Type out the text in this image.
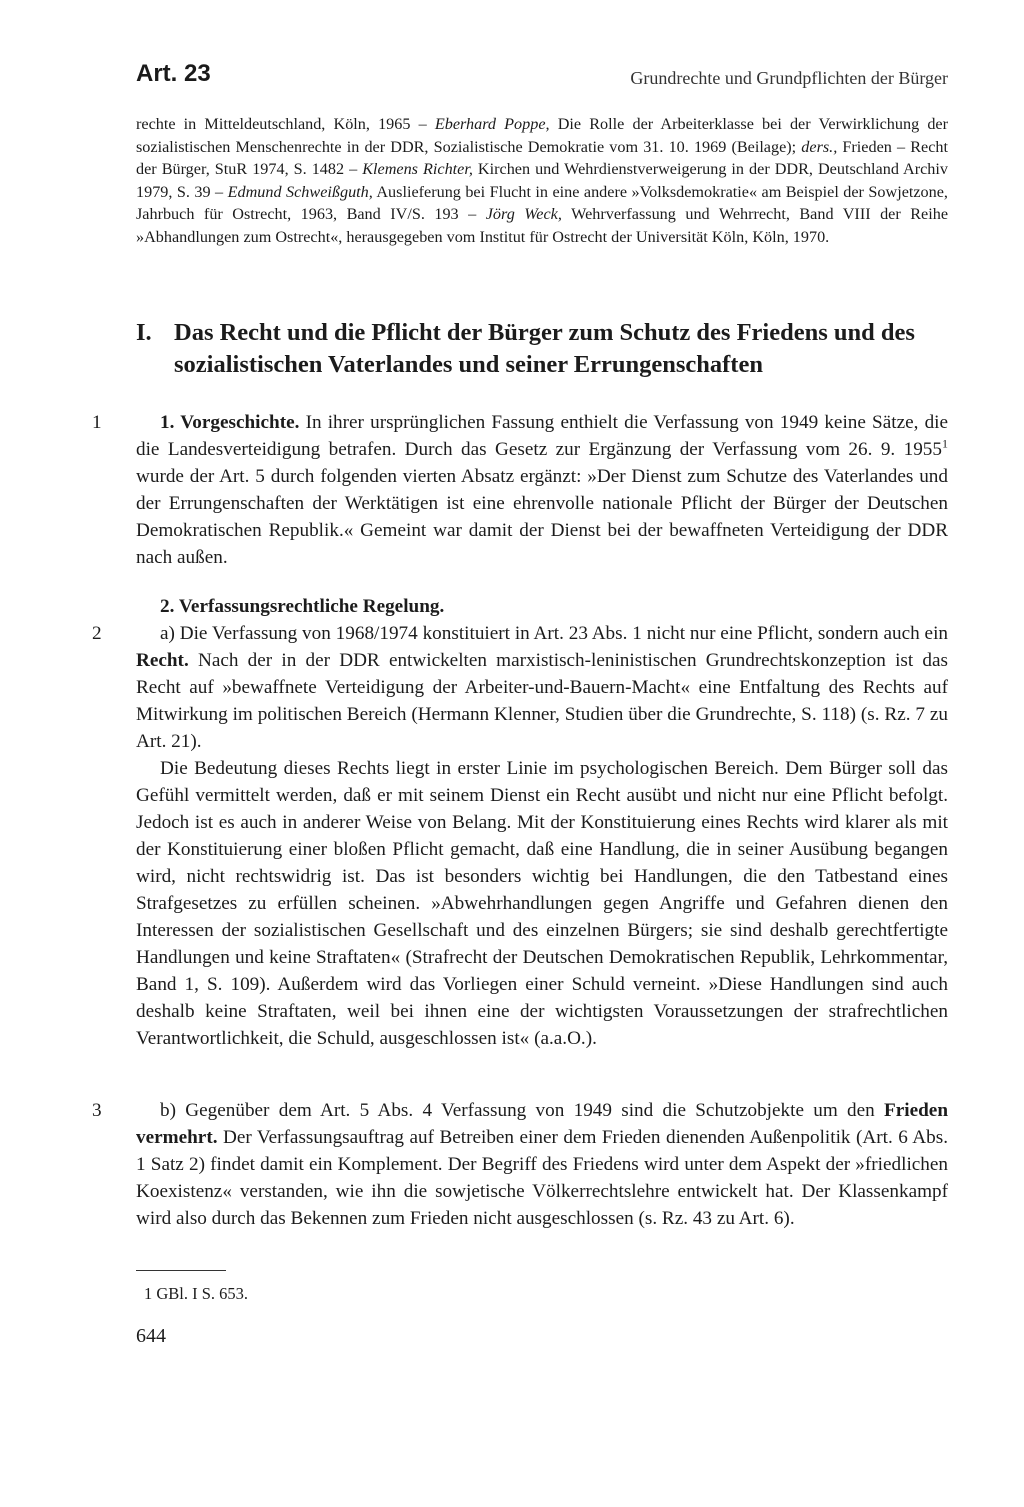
Art. 23	Grundrechte und Grundpflichten der Bürger
rechte in Mitteldeutschland, Köln, 1965 – Eberhard Poppe, Die Rolle der Arbeiterklasse bei der Verwirklichung der sozialistischen Menschenrechte in der DDR, Sozialistische Demokratie vom 31. 10. 1969 (Beilage); ders., Frieden – Recht der Bürger, StuR 1974, S. 1482 – Klemens Richter, Kirchen und Wehrdienstverweigerung in der DDR, Deutschland Archiv 1979, S. 39 – Edmund Schweißguth, Auslieferung bei Flucht in eine andere »Volksdemokratie« am Beispiel der Sowjetzone, Jahrbuch für Ostrecht, 1963, Band IV/S. 193 – Jörg Weck, Wehrverfassung und Wehrrecht, Band VIII der Reihe »Abhandlungen zum Ostrecht«, herausgegeben vom Institut für Ostrecht der Universität Köln, Köln, 1970.
I. Das Recht und die Pflicht der Bürger zum Schutz des Friedens und des sozialistischen Vaterlandes und seiner Errungenschaften
1	1. Vorgeschichte. In ihrer ursprünglichen Fassung enthielt die Verfassung von 1949 keine Sätze, die die Landesverteidigung betrafen. Durch das Gesetz zur Ergänzung der Verfassung vom 26. 9. 1955$^1$ wurde der Art. 5 durch folgenden vierten Absatz ergänzt: »Der Dienst zum Schutze des Vaterlandes und der Errungenschaften der Werktätigen ist eine ehrenvolle nationale Pflicht der Bürger der Deutschen Demokratischen Republik.« Gemeint war damit der Dienst bei der bewaffneten Verteidigung der DDR nach außen.

2. Verfassungsrechtliche Regelung.

2	a) Die Verfassung von 1968/1974 konstituiert in Art. 23 Abs. 1 nicht nur eine Pflicht, sondern auch ein Recht. Nach der in der DDR entwickelten marxistisch-leninistischen Grundrechtskonzeption ist das Recht auf »bewaffnete Verteidigung der Arbeiter-und-Bauern-Macht« eine Entfaltung des Rechts auf Mitwirkung im politischen Bereich (Hermann Klenner, Studien über die Grundrechte, S. 118) (s. Rz. 7 zu Art. 21).

Die Bedeutung dieses Rechts liegt in erster Linie im psychologischen Bereich. Dem Bürger soll das Gefühl vermittelt werden, daß er mit seinem Dienst ein Recht ausübt und nicht nur eine Pflicht befolgt. Jedoch ist es auch in anderer Weise von Belang. Mit der Konstituierung eines Rechts wird klarer als mit der Konstituierung einer bloßen Pflicht gemacht, daß eine Handlung, die in seiner Ausübung begangen wird, nicht rechtswidrig ist. Das ist besonders wichtig bei Handlungen, die den Tatbestand eines Strafgesetzes zu erfüllen scheinen. »Abwehrhandlungen gegen Angriffe und Gefahren dienen den Interessen der sozialistischen Gesellschaft und des einzelnen Bürgers; sie sind deshalb gerechtfertigte Handlungen und keine Straftaten« (Strafrecht der Deutschen Demokratischen Republik, Lehrkommentar, Band 1, S. 109). Außerdem wird das Vorliegen einer Schuld verneint. »Diese Handlungen sind auch deshalb keine Straftaten, weil bei ihnen eine der wichtigsten Voraussetzungen der strafrechtlichen Verantwortlichkeit, die Schuld, ausgeschlossen ist« (a.a.O.).

3	b) Gegenüber dem Art. 5 Abs. 4 Verfassung von 1949 sind die Schutzobjekte um den Frieden vermehrt. Der Verfassungsauftrag auf Betreiben einer dem Frieden dienenden Außenpolitik (Art. 6 Abs. 1 Satz 2) findet damit ein Komplement. Der Begriff des Friedens wird unter dem Aspekt der »friedlichen Koexistenz« verstanden, wie ihn die sowjetische Völkerrechtslehre entwickelt hat. Der Klassenkampf wird also durch das Bekennen zum Frieden nicht ausgeschlossen (s. Rz. 43 zu Art. 6).

1 GBl. I S. 653.
644
